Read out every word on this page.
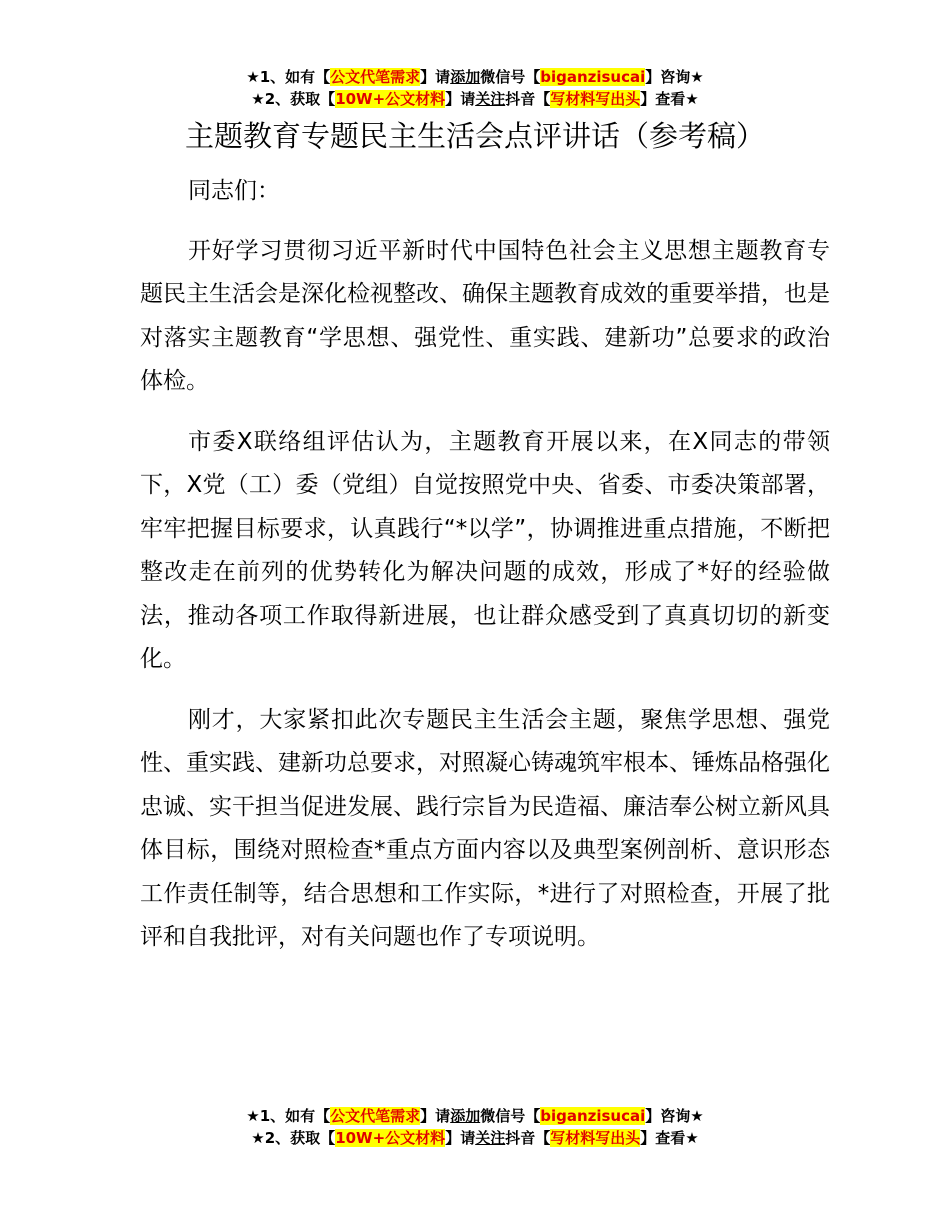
★1、如有【公文代笔需求】请添加微信号【biganzisucai】咨询★
★2、获取【10W+公文材料】请关注抖音【写材料写出头】查看★
主题教育专题民主生活会点评讲话（参考稿）

同志们：

开好学习贯彻习近平新时代中国特色社会主义思想主题教育专题民主生活会是深化检视整改、确保主题教育成效的重要举措，也是对落实主题教育“学思想、强党性、重实践、建新功”总要求的政治体检。

市委X联络组评估认为，主题教育开展以来，在X同志的带领下，X党（工）委（党组）自觉按照党中央、省委、市委决策部署，牢牢把握目标要求，认真践行“*以学”，协调推进重点措施，不断把整改走在前列的优势转化为解决问题的成效，形成了*好的经验做法，推动各项工作取得新进展，也让群众感受到了真真切切的新变化。

刚才，大家紧扣此次专题民主生活会主题，聚焦学思想、强党性、重实践、建新功总要求，对照凝心铸魂筑牢根本、锤炼品格强化忠诚、实干担当促进发展、践行宗旨为民造福、廉洁奉公树立新风具体目标，围绕对照检查*重点方面内容以及典型案例剖析、意识形态工作责任制等，结合思想和工作实际，*进行了对照检查，开展了批评和自我批评，对有关问题也作了专项说明。

★1、如有【公文代笔需求】请添加微信号【biganzisucai】咨询★
★2、获取【10W+公文材料】请关注抖音【写材料写出头】查看★
